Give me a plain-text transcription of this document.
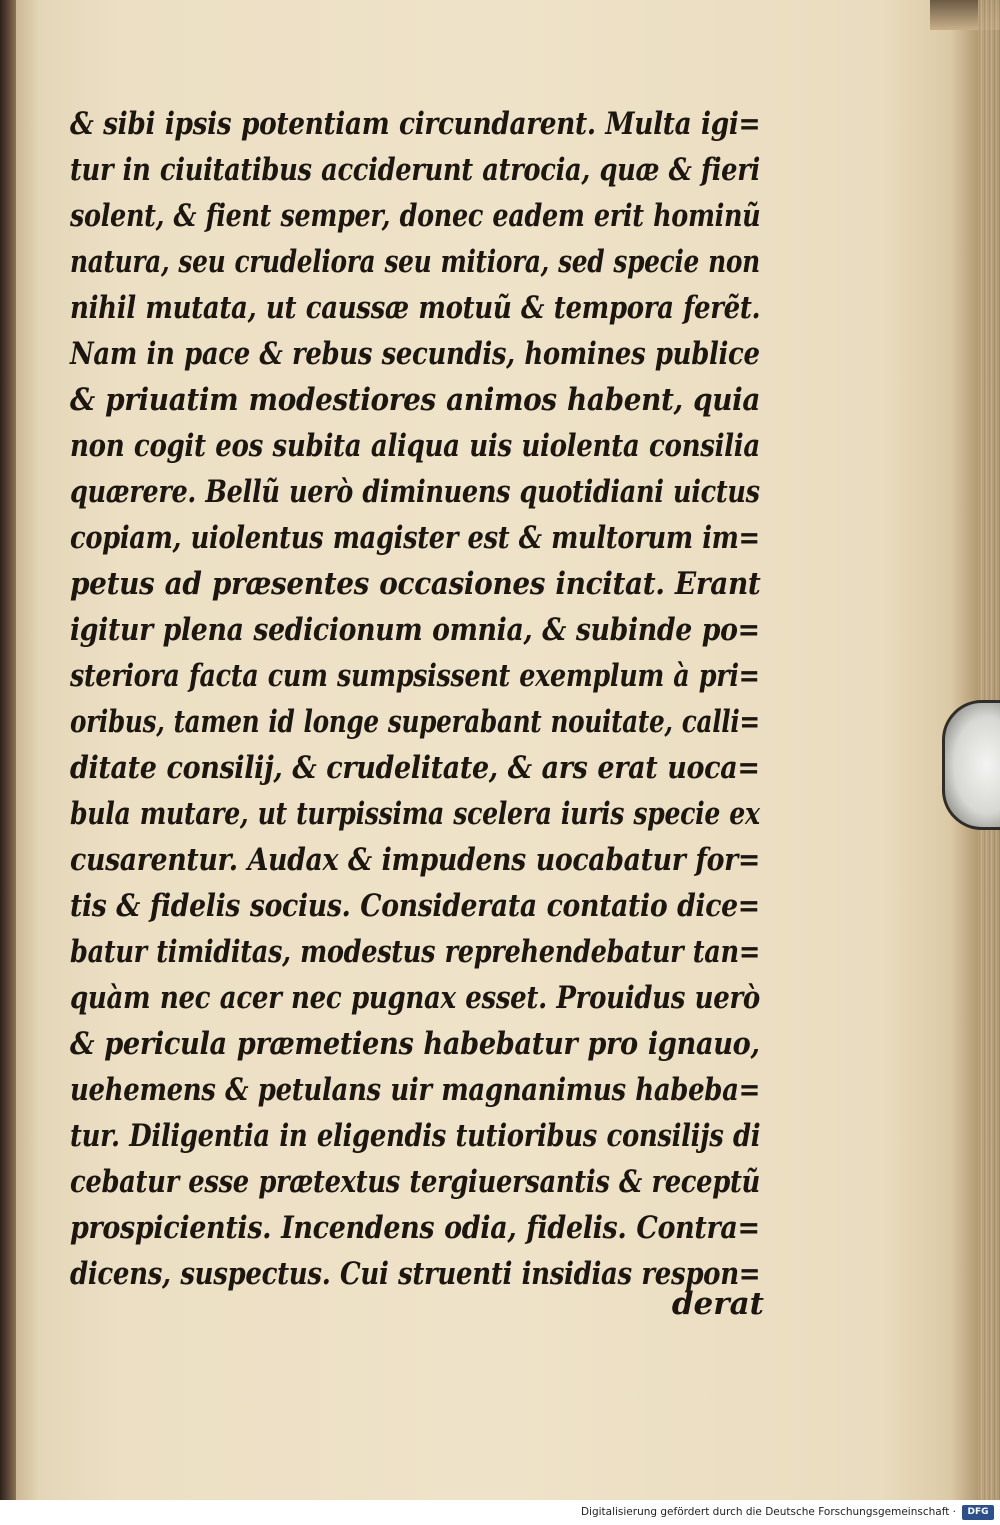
& sibi ipsis potentiam circundarent. Multa igi=
tur in ciuitatibus acciderunt atrocia, quæ & fieri
solent, & fient semper, donec eadem erit hominũ
natura, seu crudeliora seu mitiora, sed specie non
nihil mutata, ut caussæ motuũ & tempora ferẽt.
Nam in pace & rebus secundis, homines publice
& priuatim modestiores animos habent, quia
non cogit eos subita aliqua uis uiolenta consilia
quærere. Bellũ uerò diminuens quotidiani uictus
copiam, uiolentus magister est & multorum im=
petus ad præsentes occasiones incitat. Erant
igitur plena sedicionum omnia, & subinde po=
steriora facta cum sumpsissent exemplum à pri=
oribus, tamen id longe superabant nouitate, calli=
ditate consilij, & crudelitate, & ars erat uoca=
bula mutare, ut turpissima scelera iuris specie ex
cusarentur. Audax & impudens uocabatur for=
tis & fidelis socius. Considerata contatio dice=
batur timiditas, modestus reprehendebatur tan=
quàm nec acer nec pugnax esset. Prouidus uerò
& pericula præmetiens habebatur pro ignauo,
uehemens & petulans uir magnanimus habeba=
tur. Diligentia in eligendis tutioribus consilijs di
cebatur esse prætextus tergiuersantis & receptũ
prospicientis. Incendens odia, fidelis. Contra=
dicens, suspectus. Cui struenti insidias respon=
derat
Digitalisierung gefördert durch die Deutsche Forschungsgemeinschaft ·	DFG
